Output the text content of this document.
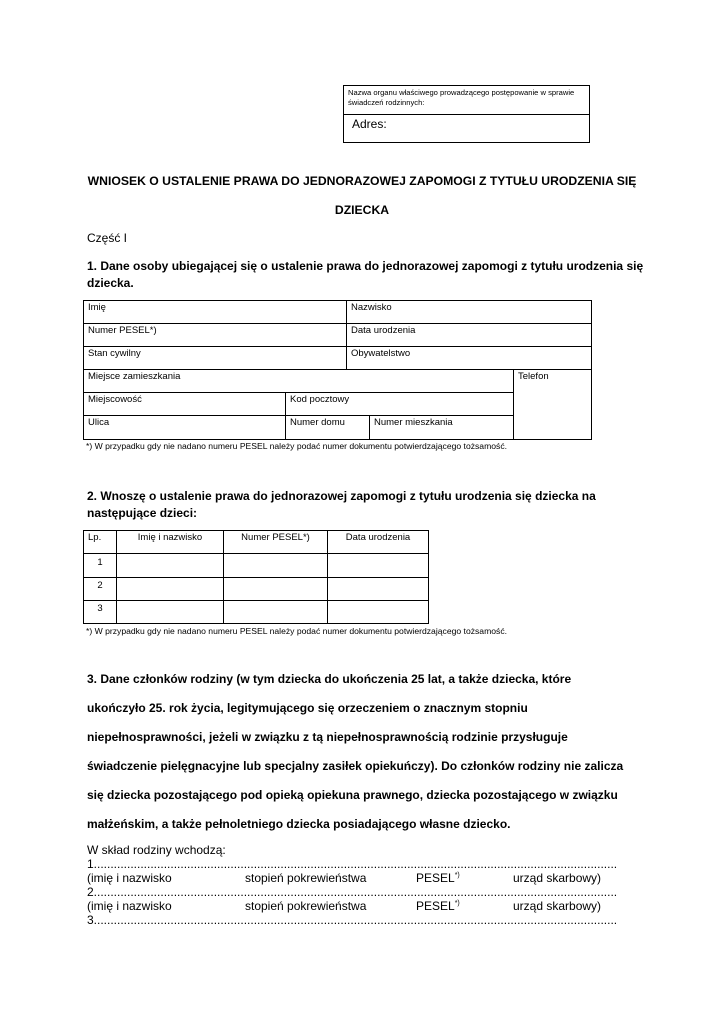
Nazwa organu właściwego prowadzącego postępowanie w sprawie świadczeń rodzinnych:
Adres:
WNIOSEK O USTALENIE PRAWA DO JEDNORAZOWEJ ZAPOMOGI Z TYTUŁU URODZENIA SIĘ
DZIECKA
Część I
1. Dane osoby ubiegającej się o ustalenie prawa do jednorazowej zapomogi z tytułu urodzenia się dziecka.
Imię	Nazwisko
Numer PESEL*)	Data urodzenia
Stan cywilny	Obywatelstwo
Miejsce zamieszkania	Telefon
Miejscowość	Kod pocztowy
Ulica	Numer domu	Numer mieszkania
*) W przypadku gdy nie nadano numeru PESEL należy podać numer dokumentu potwierdzającego tożsamość.
2. Wnoszę o ustalenie prawa do jednorazowej zapomogi z tytułu urodzenia się dziecka na następujące dzieci:
Lp.	Imię i nazwisko	Numer PESEL*)	Data urodzenia
1
2
3
*) W przypadku gdy nie nadano numeru PESEL należy podać numer dokumentu potwierdzającego tożsamość.
3. Dane członków rodziny (w tym dziecka do ukończenia 25 lat, a także dziecka, które
ukończyło 25. rok życia, legitymującego się orzeczeniem o znacznym stopniu
niepełnosprawności, jeżeli w związku z tą niepełnosprawnością rodzinie przysługuje
świadczenie pielęgnacyjne lub specjalny zasiłek opiekuńczy). Do członków rodziny nie zalicza
się dziecka pozostającego pod opieką opiekuna prawnego, dziecka pozostającego w związku
małżeńskim, a także pełnoletniego dziecka posiadającego własne dziecko.
W skład rodziny wchodzą:
1.............................................................................................................................................................
(imię i nazwisko	stopień pokrewieństwa	PESEL*)	urząd skarbowy)
2.............................................................................................................................................................
(imię i nazwisko	stopień pokrewieństwa	PESEL*)	urząd skarbowy)
3.............................................................................................................................................................
